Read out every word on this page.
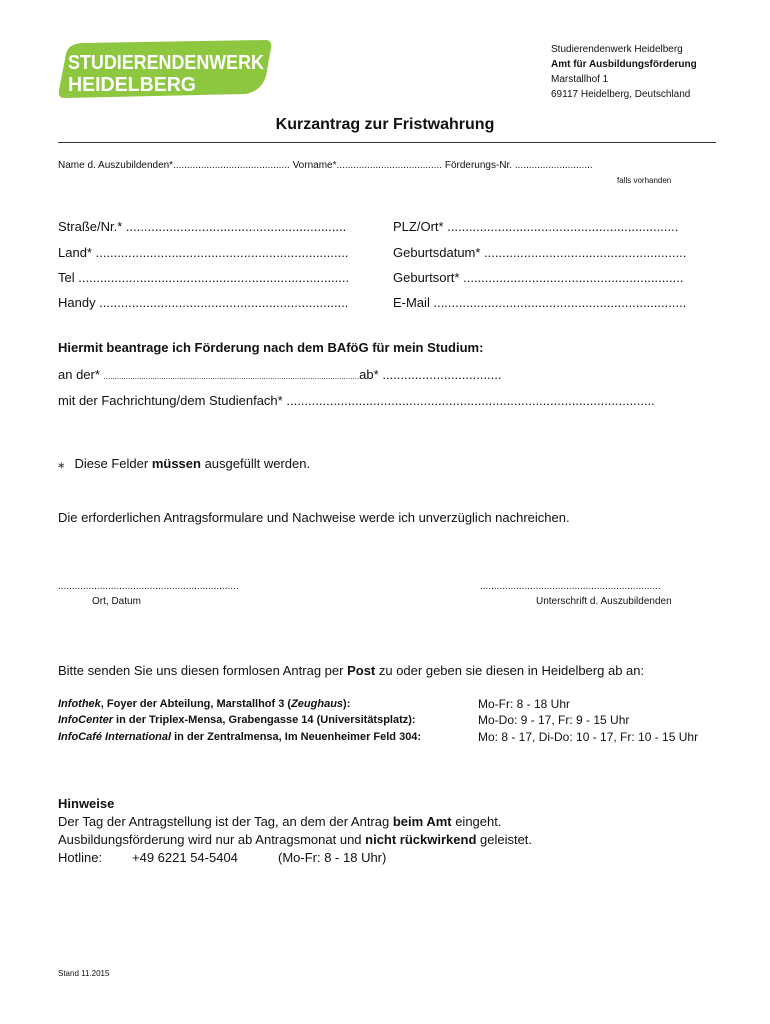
STUDIERENDENWERK
HEIDELBERG
Studierendenwerk Heidelberg
Amt für Ausbildungsförderung
Marstallhof 1
69117 Heidelberg, Deutschland
Kurzantrag zur Fristwahrung
Name d. Auszubildenden*.......................................... Vorname*...................................... Förderungs-Nr. ............................
falls vorhanden
Straße/Nr.* .............................................................	PLZ/Ort* ................................................................
Land* ......................................................................	Geburtsdatum* ........................................................
Tel ...........................................................................	Geburtsort* .............................................................
Handy .....................................................................	E-Mail ......................................................................
Hiermit beantrage ich Förderung nach dem BAföG für mein Studium:
an der* ...................................................................................................................ab* .................................
mit der Fachrichtung/dem Studienfach* ......................................................................................................
⁎ Diese Felder müssen ausgefüllt werden.
Die erforderlichen Antragsformulare und Nachweise werde ich unverzüglich nachreichen.
.................................................................
Ort, Datum
.................................................................
Unterschrift d. Auszubildenden
Bitte senden Sie uns diesen formlosen Antrag per Post zu oder geben sie diesen in Heidelberg ab an:
Infothek, Foyer der Abteilung, Marstallhof 3 (Zeughaus):	Mo-Fr: 8 - 18 Uhr
InfoCenter in der Triplex-Mensa, Grabengasse 14 (Universitätsplatz):	Mo-Do: 9 - 17, Fr: 9 - 15 Uhr
InfoCafé International in der Zentralmensa, Im Neuenheimer Feld 304:	Mo: 8 - 17, Di-Do: 10 - 17, Fr: 10 - 15 Uhr
Hinweise
Der Tag der Antragstellung ist der Tag, an dem der Antrag beim Amt eingeht.
Ausbildungsförderung wird nur ab Antragsmonat und nicht rückwirkend geleistet.
Hotline: +49 6221 54-5404	(Mo-Fr: 8 - 18 Uhr)
Stand 11.2015
